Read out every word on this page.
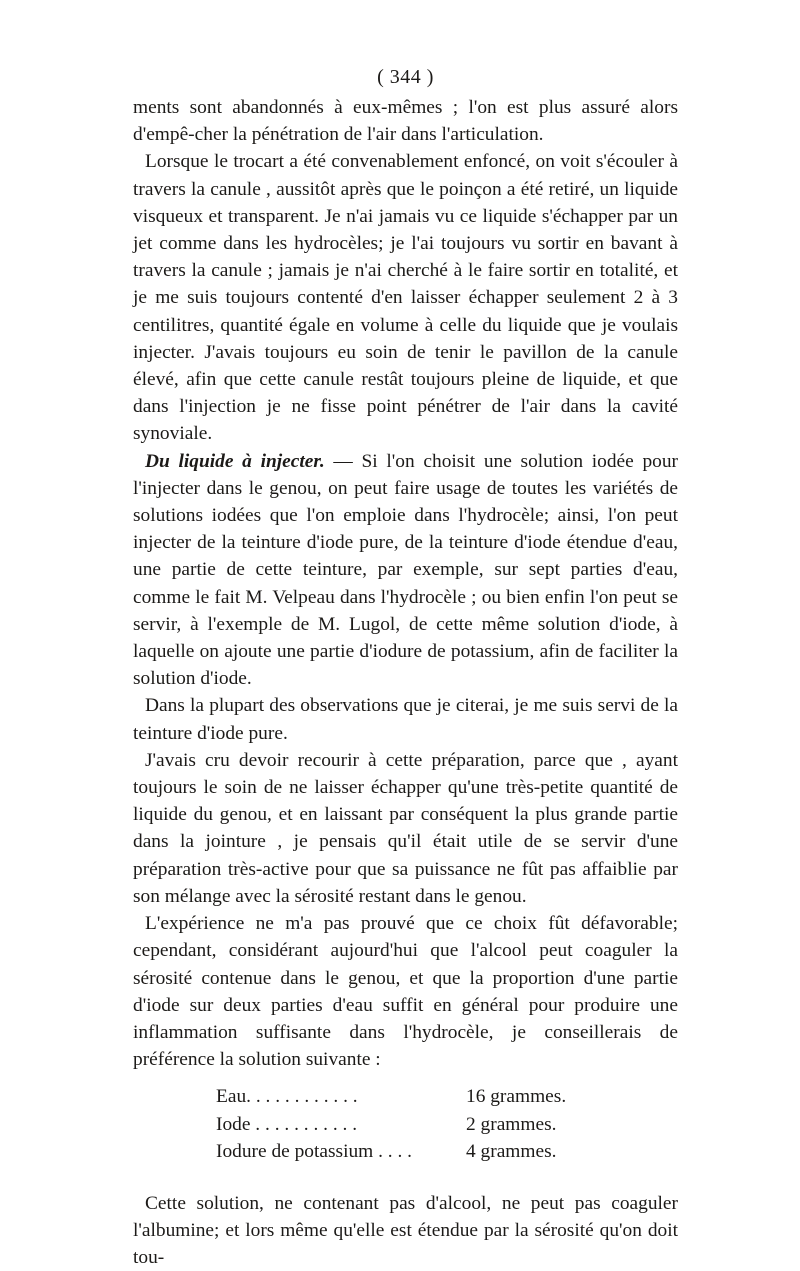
( 344 )

ments sont abandonnés à eux-mêmes ; l'on est plus assuré alors d'empê-cher la pénétration de l'air dans l'articulation.

Lorsque le trocart a été convenablement enfoncé, on voit s'écouler à travers la canule , aussitôt après que le poinçon a été retiré, un liquide visqueux et transparent. Je n'ai jamais vu ce liquide s'échapper par un jet comme dans les hydrocèles; je l'ai toujours vu sortir en bavant à travers la canule ; jamais je n'ai cherché à le faire sortir en totalité, et je me suis toujours contenté d'en laisser échapper seulement 2 à 3 centilitres, quantité égale en volume à celle du liquide que je voulais injecter. J'avais toujours eu soin de tenir le pavillon de la canule élevé, afin que cette canule restât toujours pleine de liquide, et que dans l'injection je ne fisse point pénétrer de l'air dans la cavité synoviale.

Du liquide à injecter. — Si l'on choisit une solution iodée pour l'injecter dans le genou, on peut faire usage de toutes les variétés de solutions iodées que l'on emploie dans l'hydrocèle; ainsi, l'on peut injecter de la teinture d'iode pure, de la teinture d'iode étendue d'eau, une partie de cette teinture, par exemple, sur sept parties d'eau, comme le fait M. Velpeau dans l'hydrocèle ; ou bien enfin l'on peut se servir, à l'exemple de M. Lugol, de cette même solution d'iode, à laquelle on ajoute une partie d'iodure de potassium, afin de faciliter la solution d'iode.

Dans la plupart des observations que je citerai, je me suis servi de la teinture d'iode pure.

J'avais cru devoir recourir à cette préparation, parce que , ayant toujours le soin de ne laisser échapper qu'une très-petite quantité de liquide du genou, et en laissant par conséquent la plus grande partie dans la jointure , je pensais qu'il était utile de se servir d'une préparation très-active pour que sa puissance ne fût pas affaiblie par son mélange avec la sérosité restant dans le genou.

L'expérience ne m'a pas prouvé que ce choix fût défavorable; cependant, considérant aujourd'hui que l'alcool peut coaguler la sérosité contenue dans le genou, et que la proportion d'une partie d'iode sur deux parties d'eau suffit en général pour produire une inflammation suffisante dans l'hydrocèle, je conseillerais de préférence la solution suivante :

Eau. . . . . . . . . . . .	16 grammes.
Iode . . . . . . . . . . .	2 grammes.
Iodure de potassium . . . .	4 grammes.

Cette solution, ne contenant pas d'alcool, ne peut pas coaguler l'albumine; et lors même qu'elle est étendue par la sérosité qu'on doit tou-
